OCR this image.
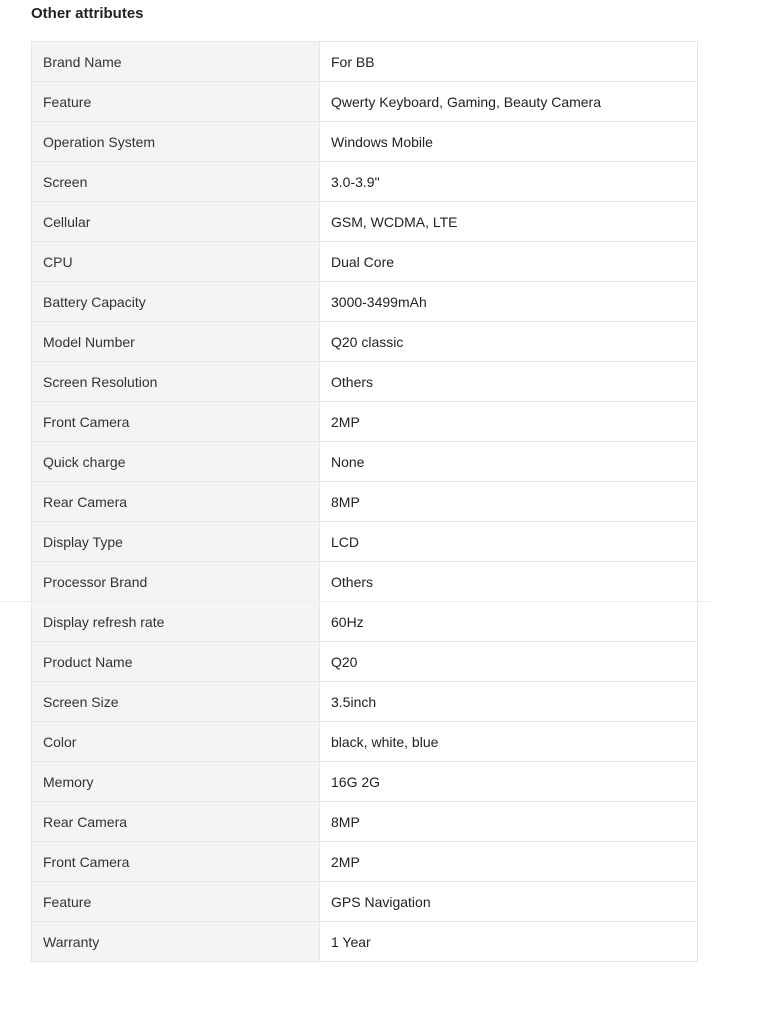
Other attributes
Brand Name	For BB
Feature	Qwerty Keyboard, Gaming, Beauty Camera
Operation System	Windows Mobile
Screen	3.0-3.9"
Cellular	GSM, WCDMA, LTE
CPU	Dual Core
Battery Capacity	3000-3499mAh
Model Number	Q20 classic
Screen Resolution	Others
Front Camera	2MP
Quick charge	None
Rear Camera	8MP
Display Type	LCD
Processor Brand	Others
Display refresh rate	60Hz
Product Name	Q20
Screen Size	3.5inch
Color	black, white, blue
Memory	16G 2G
Rear Camera	8MP
Front Camera	2MP
Feature	GPS Navigation
Warranty	1 Year
